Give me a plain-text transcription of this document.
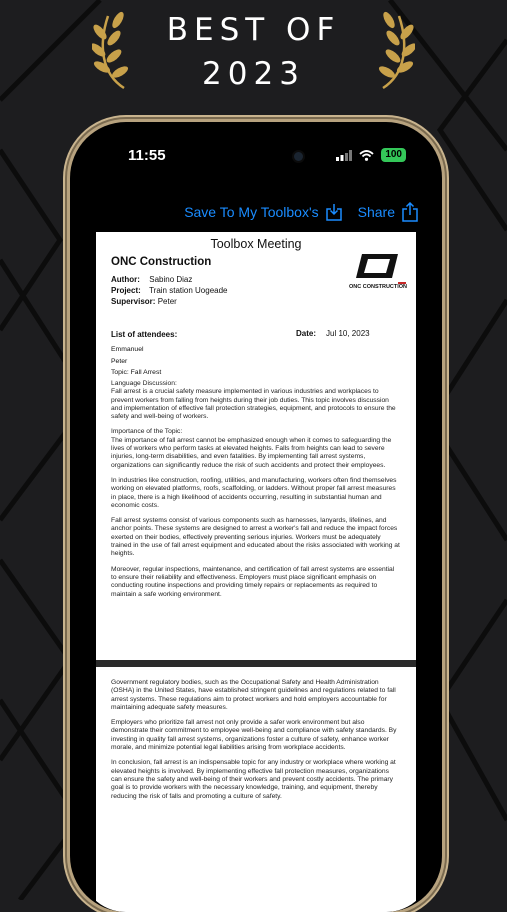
BEST OF
2023
11:55	100
Save To My Toolbox's	Share
Toolbox Meeting
ONC Construction
Author: Sabino Diaz
Project: Train station Uogeade
Supervisor: Peter
ONC CONSTRUCTION
List of attendees:	Date: Jul 10, 2023
Emmanuel
Peter
Topic: Fall Arrest

Language Discussion:
Fall arrest is a crucial safety measure implemented in various industries and workplaces to prevent workers from falling from heights during their job duties. This topic involves discussion and implementation of effective fall protection strategies, equipment, and protocols to ensure the safety and well-being of workers.

Importance of the Topic:
The importance of fall arrest cannot be emphasized enough when it comes to safeguarding the lives of workers who perform tasks at elevated heights. Falls from heights can lead to severe injuries, long-term disabilities, and even fatalities. By implementing fall arrest systems, organizations can significantly reduce the risk of such accidents and protect their employees.

In industries like construction, roofing, utilities, and manufacturing, workers often find themselves working on elevated platforms, roofs, scaffolding, or ladders. Without proper fall arrest measures in place, there is a high likelihood of accidents occurring, resulting in substantial human and economic costs.

Fall arrest systems consist of various components such as harnesses, lanyards, lifelines, and anchor points. These systems are designed to arrest a worker's fall and reduce the impact forces exerted on their bodies, effectively preventing serious injuries. Workers must be adequately trained in the use of fall arrest equipment and educated about the risks associated with working at heights.

Moreover, regular inspections, maintenance, and certification of fall arrest systems are essential to ensure their reliability and effectiveness. Employers must place significant emphasis on conducting routine inspections and providing timely repairs or replacements as required to maintain a safe working environment.

Government regulatory bodies, such as the Occupational Safety and Health Administration (OSHA) in the United States, have established stringent guidelines and regulations related to fall arrest systems. These regulations aim to protect workers and hold employers accountable for maintaining adequate safety measures.

Employers who prioritize fall arrest not only provide a safer work environment but also demonstrate their commitment to employee well-being and compliance with safety standards. By investing in quality fall arrest systems, organizations foster a culture of safety, enhance worker morale, and minimize potential legal liabilities arising from workplace accidents.

In conclusion, fall arrest is an indispensable topic for any industry or workplace where working at elevated heights is involved. By implementing effective fall protection measures, organizations can ensure the safety and well-being of their workers and prevent costly accidents. The primary goal is to provide workers with the necessary knowledge, training, and equipment, thereby reducing the risk of falls and promoting a culture of safety.
